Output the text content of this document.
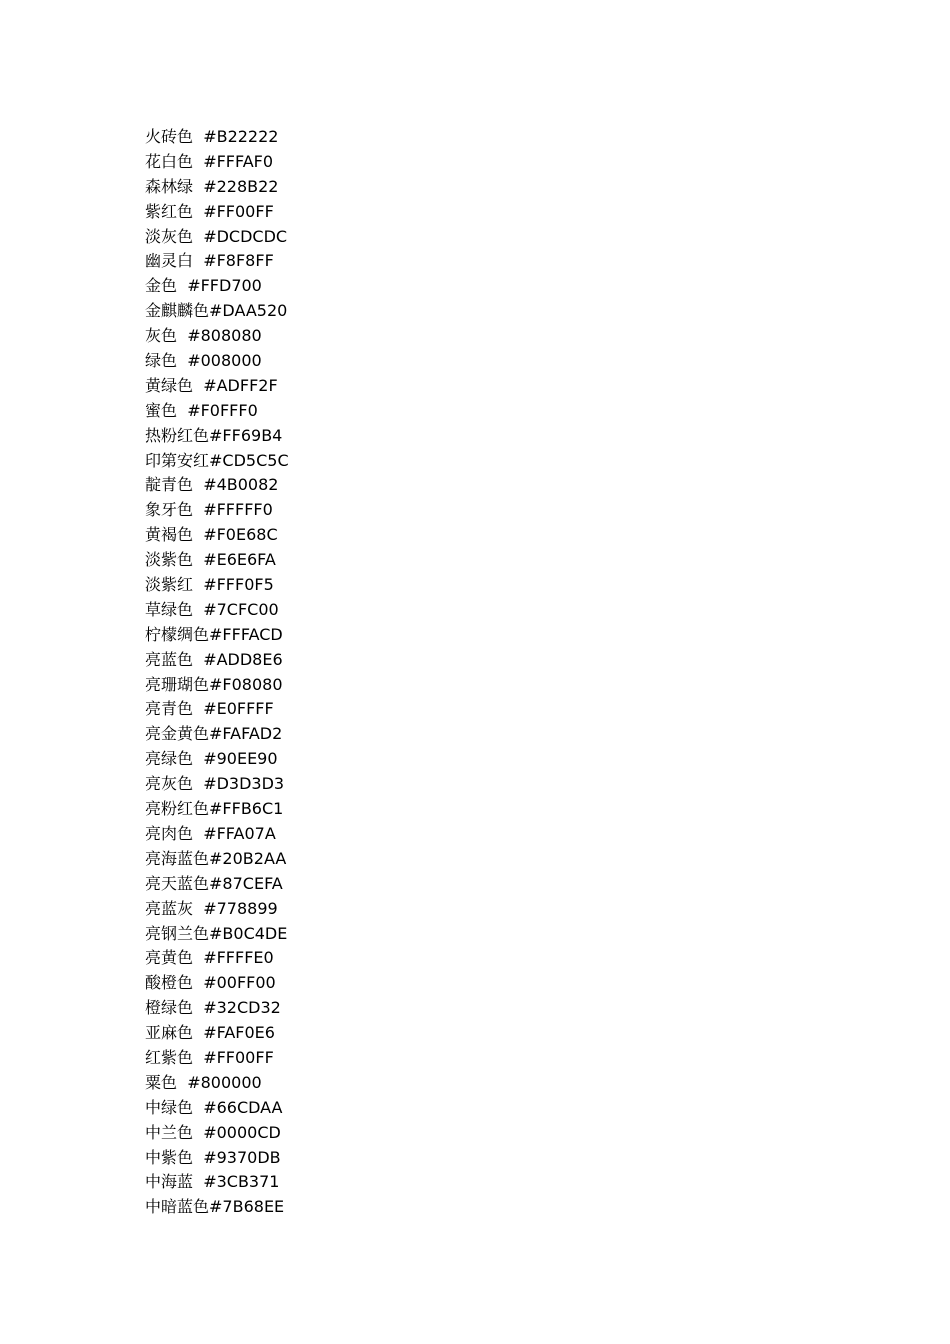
火砖色  #B22222
花白色  #FFFAF0
森林绿  #228B22
紫红色  #FF00FF
淡灰色  #DCDCDC
幽灵白  #F8F8FF
金色  #FFD700
金麒麟色#DAA520
灰色  #808080
绿色  #008000
黄绿色  #ADFF2F
蜜色  #F0FFF0
热粉红色#FF69B4
印第安红#CD5C5C
靛青色  #4B0082
象牙色  #FFFFF0
黄褐色  #F0E68C
淡紫色  #E6E6FA
淡紫红  #FFF0F5
草绿色  #7CFC00
柠檬绸色#FFFACD
亮蓝色  #ADD8E6
亮珊瑚色#F08080
亮青色  #E0FFFF
亮金黄色#FAFAD2
亮绿色  #90EE90
亮灰色  #D3D3D3
亮粉红色#FFB6C1
亮肉色  #FFA07A
亮海蓝色#20B2AA
亮天蓝色#87CEFA
亮蓝灰  #778899
亮钢兰色#B0C4DE
亮黄色  #FFFFE0
酸橙色  #00FF00
橙绿色  #32CD32
亚麻色  #FAF0E6
红紫色  #FF00FF
粟色  #800000
中绿色  #66CDAA
中兰色  #0000CD
中紫色  #9370DB
中海蓝  #3CB371
中暗蓝色#7B68EE
